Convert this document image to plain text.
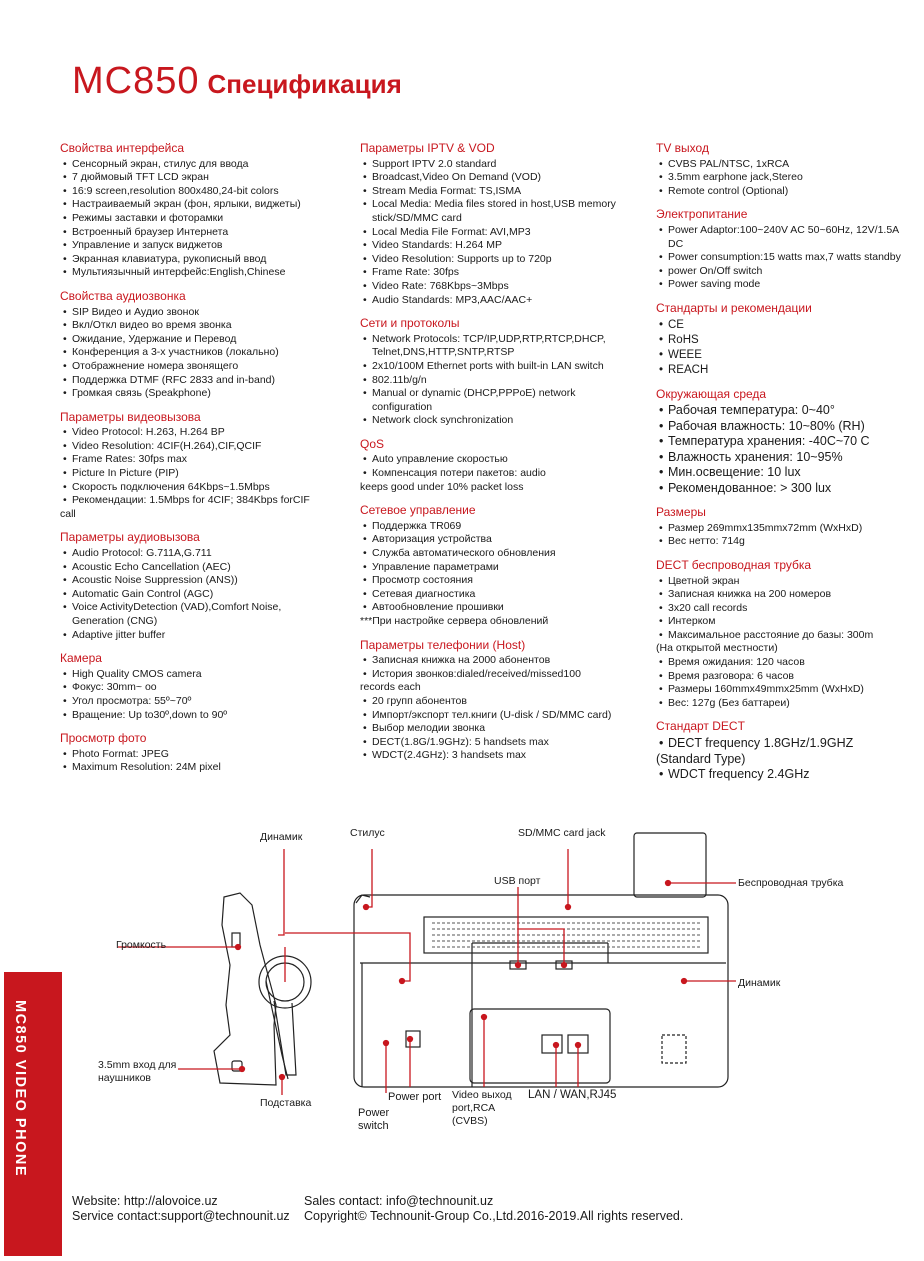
MC850 Спецификация
Свойства интерфейса
• Сенсорный экран, стилус для ввода
• 7 дюймовый TFT LCD экран
• 16:9 screen,resolution 800x480,24-bit colors
• Настраиваемый экран (фон, ярлыки, виджеты)
• Режимы заставки и фоторамки
• Встроенный браузер Интернета
• Управление и запуск виджетов
• Экранная клавиатура, рукописный ввод
• Мультиязычный интерфейс:English,Chinese
Свойства аудиозвонка
• SIP Видео и Аудио звонок
• Вкл/Откл видео во время звонка
• Ожидание, Удержание и Перевод
• Конференция а 3-х участников (локально)
• Отображнение номера звонящего
• Поддержка DTMF (RFC 2833 and in-band)
• Громкая связь (Speakphone)
Параметры видеовызова
• Video Protocol: H.263, H.264 BP
• Video Resolution: 4CIF(H.264),CIF,QCIF
• Frame Rates: 30fps max
• Picture In Picture (PIP)
• Скорость подключения 64Kbps~1.5Mbps
• Рекомендации: 1.5Mbps for 4CIF; 384Kbps forCIF
call
Параметры аудиовызова
• Audio Protocol: G.711A,G.711
• Acoustic Echo Cancellation (AEC)
• Acoustic Noise Suppression (ANS))
• Automatic Gain Control (AGC)
• Voice ActivityDetection (VAD),Comfort Noise, Generation (CNG)
• Adaptive jitter buffer
Камера
• High Quality CMOS camera
• Фокус: 30mm~ oo
• Угол просмотра: 55º~70º
• Вращение: Up to30º,down to 90º
Просмотр фото
• Photo Format: JPEG
• Maximum Resolution: 24M pixel
Параметры IPTV & VOD
• Support IPTV 2.0 standard
• Broadcast,Video On Demand (VOD)
• Stream Media Format: TS,ISMA
• Local Media: Media files stored in host,USB memory stick/SD/MMC card
• Local Media File Format: AVI,MP3
• Video Standards: H.264 MP
• Video Resolution: Supports up to 720p
• Frame Rate: 30fps
• Video Rate: 768Kbps~3Mbps
• Audio Standards: MP3,AAC/AAC+
Сети и протоколы
• Network Protocols: TCP/IP,UDP,RTP,RTCP,DHCP, Telnet,DNS,HTTP,SNTP,RTSP
• 2x10/100M Ethernet ports with built-in LAN switch
• 802.11b/g/n
• Manual or dynamic (DHCP,PPPoE) network configuration
• Network clock synchronization
QoS
• Auto управление скоростью
• Компенсация потери пакетов: audio
keeps good under 10% packet loss
Сетевое управление
• Поддержка TR069
• Авторизация устройства
• Служба автоматического обновления
• Управление параметрами
• Просмотр состояния
• Сетевая диагностика
• Автообновление прошивки
***При настройке сервера обновлений
Параметры телефонии (Host)
• Записная книжка на 2000 абонентов
• История звонков:dialed/received/missed100
records each
• 20 групп абонентов
• Импорт/экспорт тел.книги (U-disk / SD/MMC card)
• Выбор мелодии звонка
• DECT(1.8G/1.9GHz): 5 handsets max
• WDCT(2.4GHz): 3 handsets max
TV выход
• CVBS PAL/NTSC, 1xRCA
• 3.5mm earphone jack,Stereo
• Remote control (Optional)
Электропитание
• Power Adaptor:100~240V AC 50~60Hz, 12V/1.5A DC
• Power consumption:15 watts max,7 watts standby
• power On/Off switch
• Power saving mode
Стандарты и рекомендации
• CE
• RoHS
• WEEE
• REACH
Окружающая среда
• Рабочая температура: 0~40°
• Рабочая влажность: 10~80% (RH)
• Температура хранения: -40С~70 С
• Влажность хранения: 10~95%
• Мин.освещение: 10 lux
• Рекомендованное: > 300 lux
Размеры
• Размер 269mmx135mmx72mm (WxHxD)
• Вес нетто: 714g
DECT беспроводная трубка
• Цветной экран
• Записная книжка на 200 номеров
• 3x20 call records
• Интерком
• Максимальное расстояние до базы: 300m
(На открытой местности)
• Время ожидания: 120 часов
• Время разговора: 6 часов
• Размеры 160mmx49mmx25mm (WxHxD)
• Вес: 127g (Без баттареи)
Стандарт DECT
• DECT frequency 1.8GHz/1.9GHZ
(Standard Type)
• WDCT frequency 2.4GHz
Динамик	Стилус	SD/MMC card jack
USB порт	Беспроводная трубка
Громкость
Динамик
3.5mm вход для наушников
Подставка
Power switch
Power port Video выход port,RCA (CVBS)
LAN / WAN,RJ45
MC850 VIDEO PHONE
Website: http://alovoice.uz
Service contact:support@technounit.uz
Sales contact: info@technounit.uz
Copyright© Technounit-Group Co.,Ltd.2016-2019.All rights reserved.
